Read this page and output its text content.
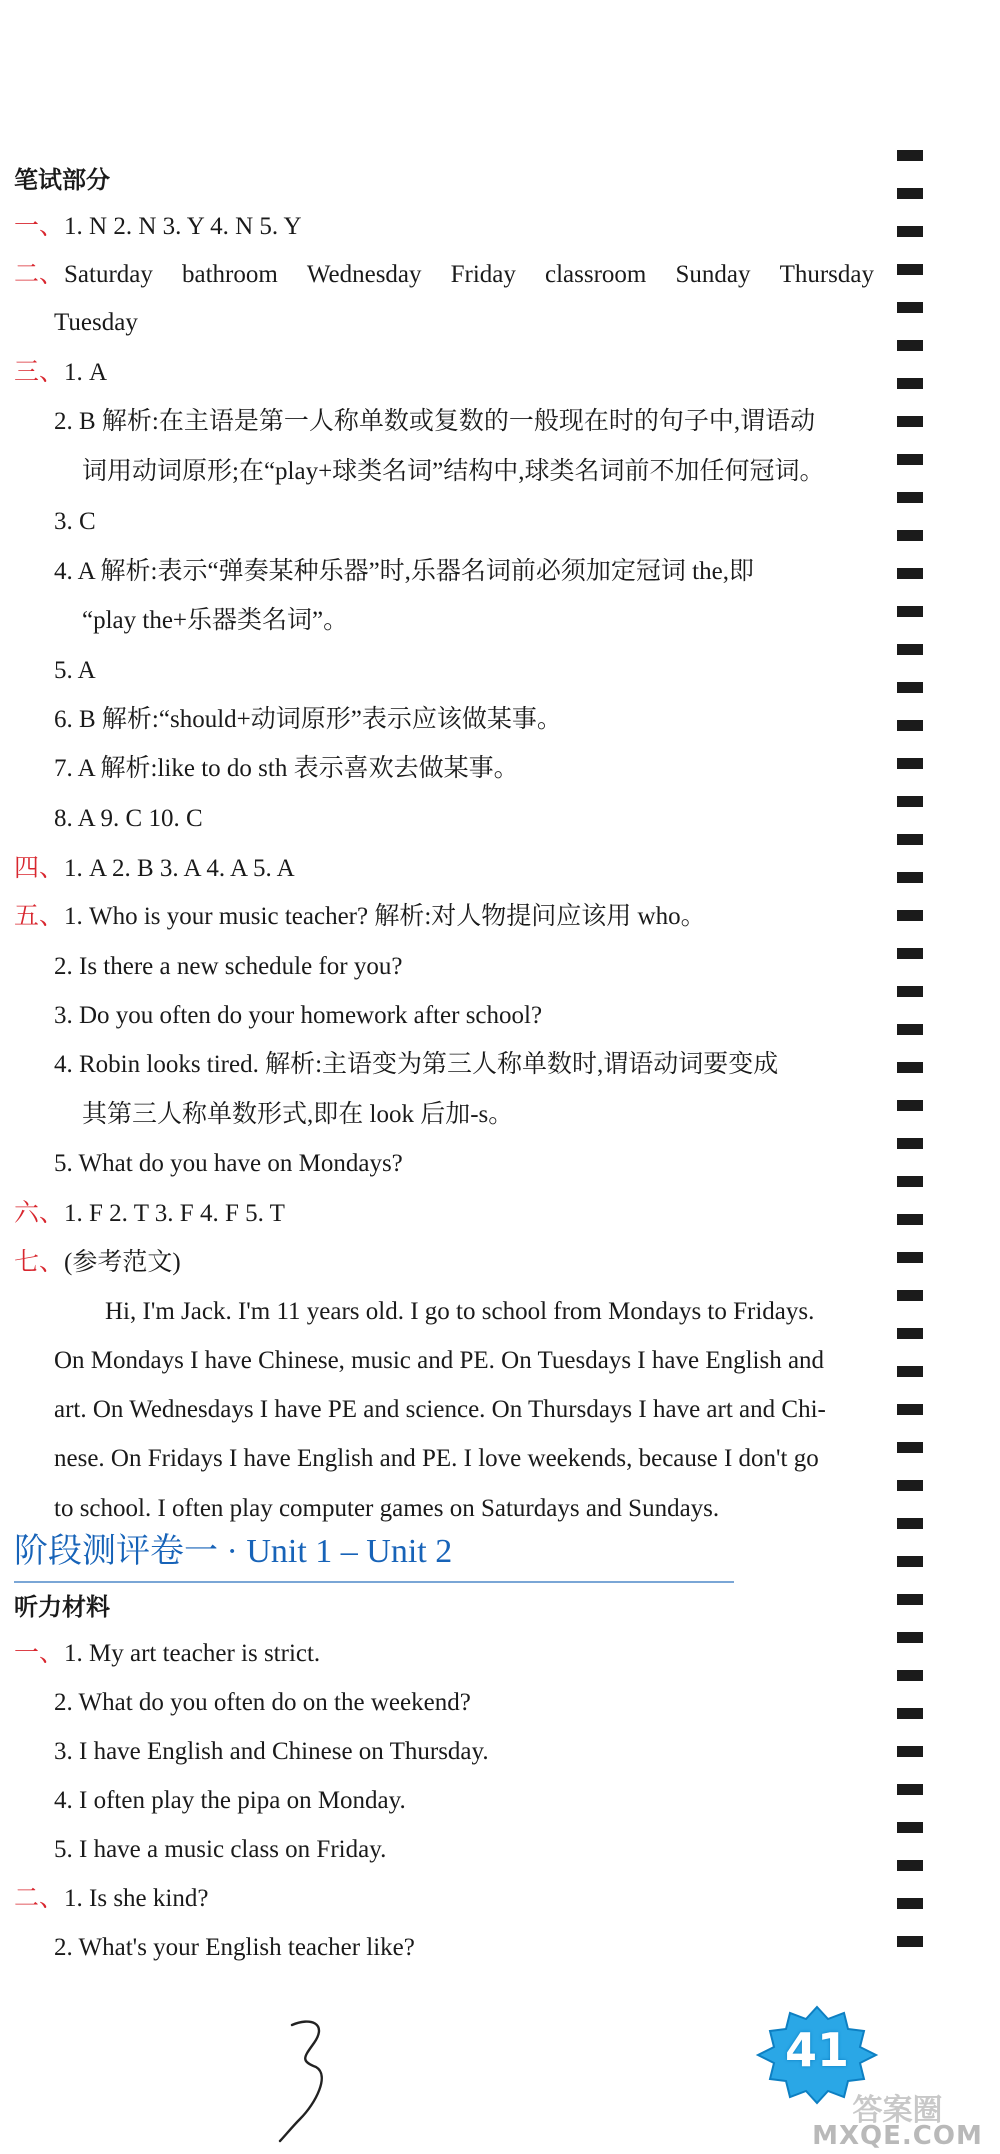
笔试部分
一、1. N 2. N 3. Y 4. N 5. Y
二、 Saturday bathroom Wednesday Friday classroom Sunday Thursday
Tuesday
三、1. A
2. B 解析:在主语是第一人称单数或复数的一般现在时的句子中,谓语动
词用动词原形;在“play+球类名词”结构中,球类名词前不加任何冠词。
3. C
4. A 解析:表示“弹奏某种乐器”时,乐器名词前必须加定冠词 the,即
“play the+乐器类名词”。
5. A
6. B 解析:“should+动词原形”表示应该做某事。
7. A 解析:like to do sth 表示喜欢去做某事。
8. A 9. C 10. C
四、1. A 2. B 3. A 4. A 5. A
五、1. Who is your music teacher? 解析:对人物提问应该用 who。
2. Is there a new schedule for you?
3. Do you often do your homework after school?
4. Robin looks tired. 解析:主语变为第三人称单数时,谓语动词要变成
其第三人称单数形式,即在 look 后加-s。
5. What do you have on Mondays?
六、1. F 2. T 3. F 4. F 5. T
七、(参考范文)
Hi, I'm Jack. I'm 11 years old. I go to school from Mondays to Fridays.
On Mondays I have Chinese, music and PE. On Tuesdays I have English and
art. On Wednesdays I have PE and science. On Thursdays I have art and Chi-
nese. On Fridays I have English and PE. I love weekends, because I don't go
to school. I often play computer games on Saturdays and Sundays.
听力材料
一、1. My art teacher is strict.
2. What do you often do on the weekend?
3. I have English and Chinese on Thursday.
4. I often play the pipa on Monday.
5. I have a music class on Friday.
二、1. Is she kind?
2. What's your English teacher like?
阶段测评卷一 · Unit 1 – Unit 2
41
答案圈
MXQE.COM
